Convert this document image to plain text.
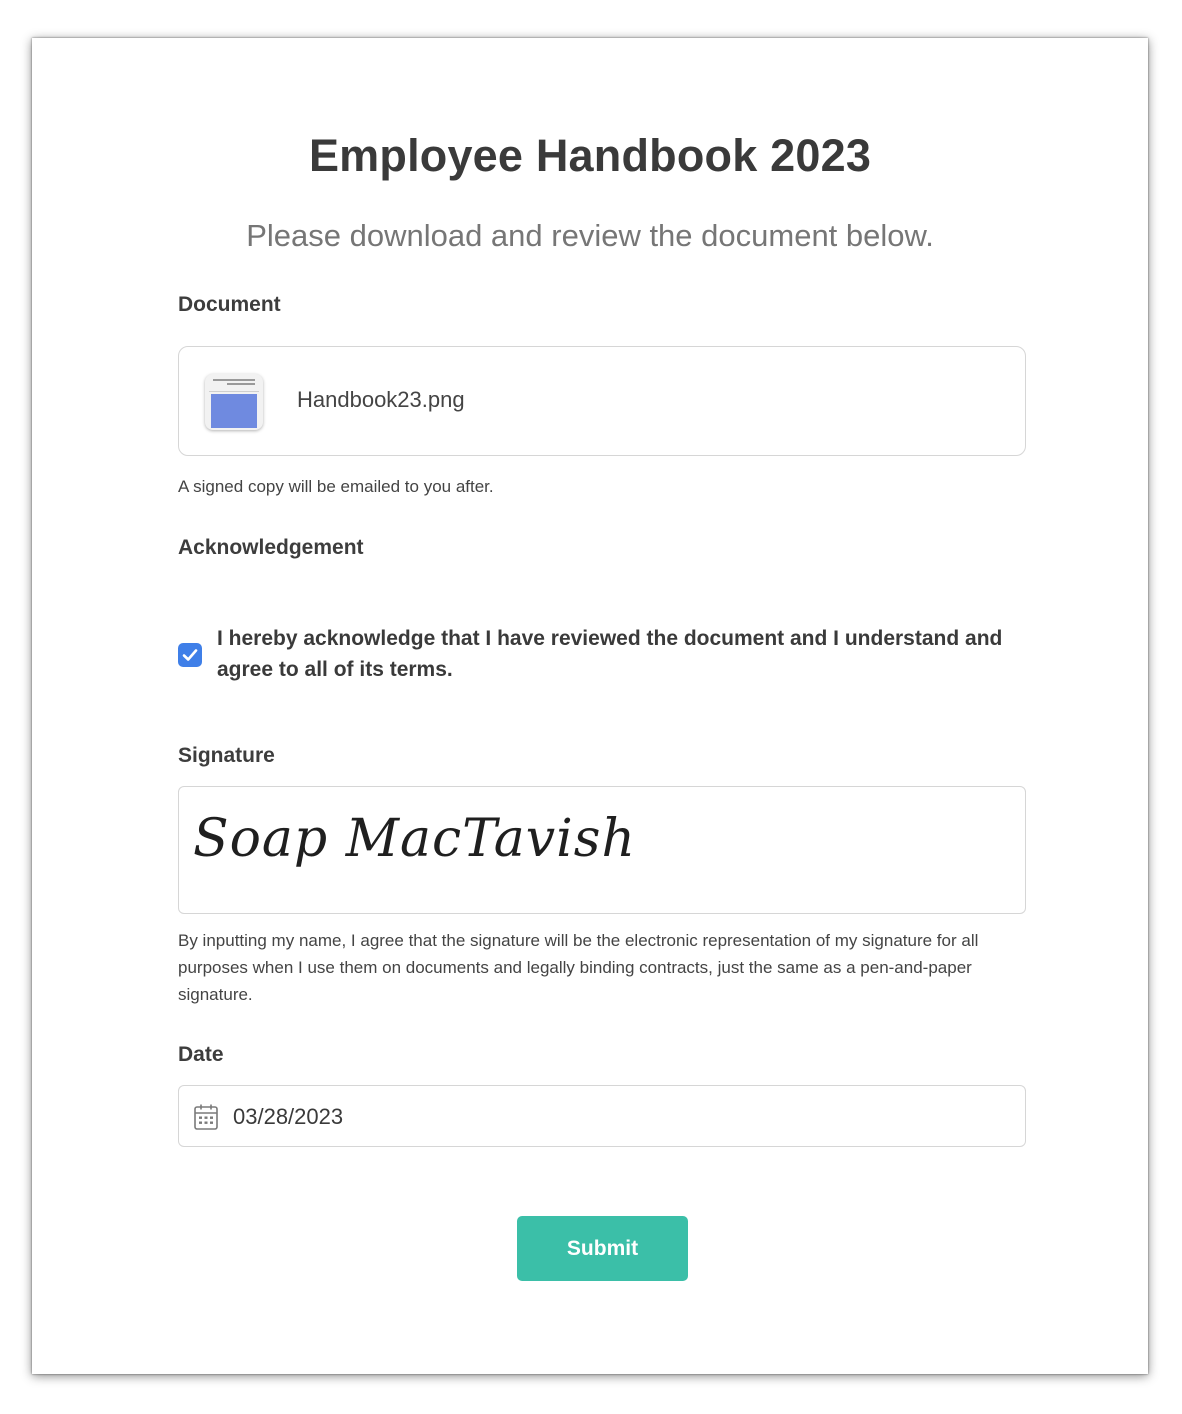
Employee Handbook 2023
Please download and review the document below.
Document
Handbook23.png
A signed copy will be emailed to you after.
Acknowledgement
I hereby acknowledge that I have reviewed the document and I understand and agree to all of its terms.
Signature
Soap MacTavish
By inputting my name, I agree that the signature will be the electronic representation of my signature for all purposes when I use them on documents and legally binding contracts, just the same as a pen-and-paper signature.
Date
03/28/2023
Submit
